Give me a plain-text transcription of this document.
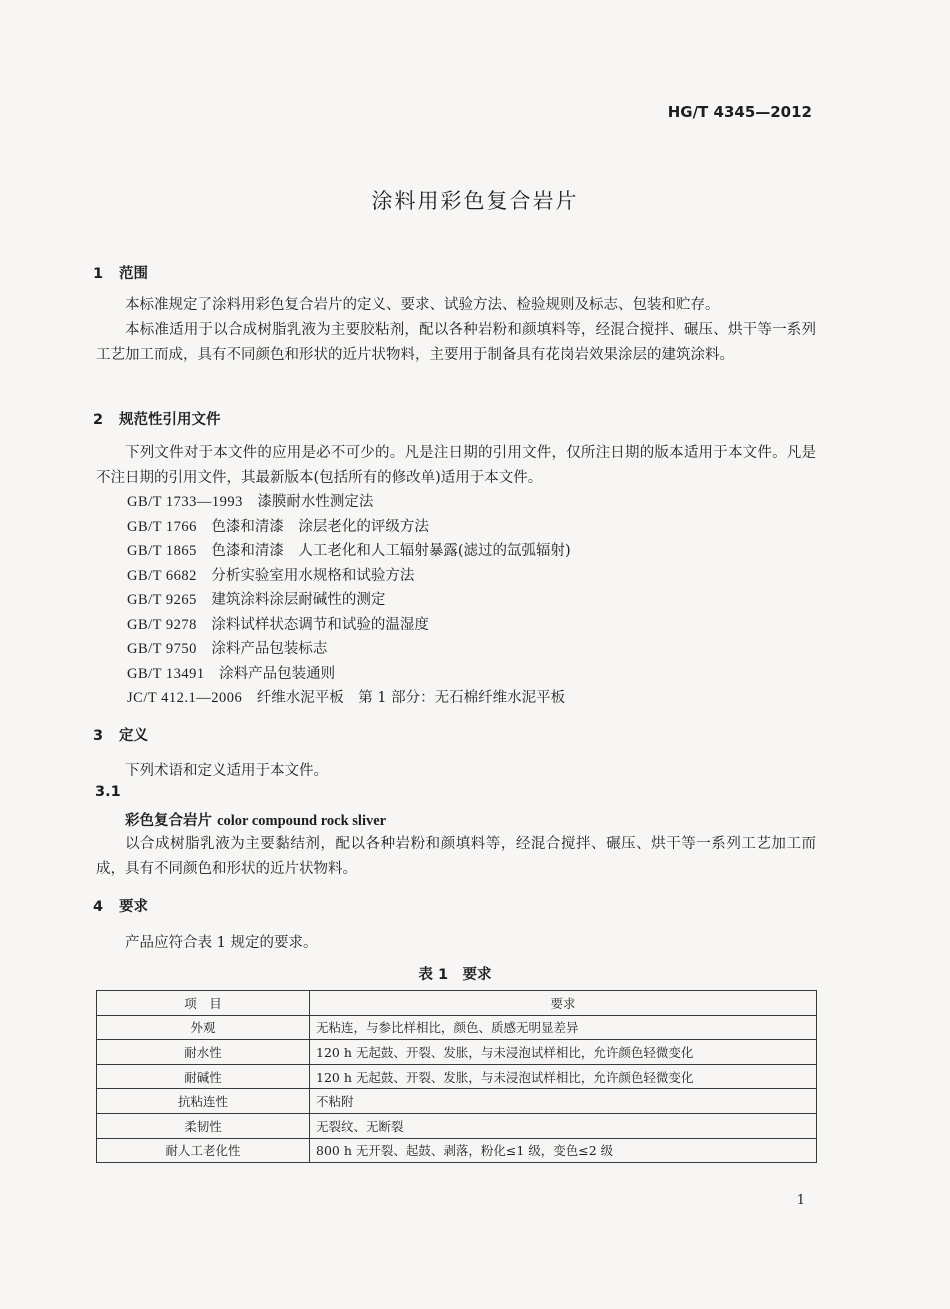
HG/T 4345—2012
涂料用彩色复合岩片
1 范围
本标准规定了涂料用彩色复合岩片的定义、要求、试验方法、检验规则及标志、包装和贮存。
本标准适用于以合成树脂乳液为主要胶粘剂，配以各种岩粉和颜填料等，经混合搅拌、碾压、烘干等一系列工艺加工而成，具有不同颜色和形状的近片状物料，主要用于制备具有花岗岩效果涂层的建筑涂料。
2 规范性引用文件
下列文件对于本文件的应用是必不可少的。凡是注日期的引用文件，仅所注日期的版本适用于本文件。凡是不注日期的引用文件，其最新版本(包括所有的修改单)适用于本文件。
GB/T 1733—1993　 漆膜耐水性测定法
GB/T 1766　 色漆和清漆　涂层老化的评级方法
GB/T 1865　 色漆和清漆　人工老化和人工辐射暴露(滤过的氙弧辐射)
GB/T 6682　 分析实验室用水规格和试验方法
GB/T 9265　 建筑涂料涂层耐碱性的测定
GB/T 9278　 涂料试样状态调节和试验的温湿度
GB/T 9750　 涂料产品包装标志
GB/T 13491　 涂料产品包装通则
JC/T 412.1—2006　 纤维水泥平板　第 1 部分：无石棉纤维水泥平板
3 定义
下列术语和定义适用于本文件。
3.1
彩色复合岩片 color compound rock sliver
以合成树脂乳液为主要黏结剂，配以各种岩粉和颜填料等，经混合搅拌、碾压、烘干等一系列工艺加工而成，具有不同颜色和形状的近片状物料。
4 要求
产品应符合表 1 规定的要求。
表 1　要求
项　目	要求
外观	无粘连，与参比样相比，颜色、质感无明显差异
耐水性	120 h 无起鼓、开裂、发胀，与未浸泡试样相比，允许颜色轻微变化
耐碱性	120 h 无起鼓、开裂、发胀，与未浸泡试样相比，允许颜色轻微变化
抗粘连性	不粘附
柔韧性	无裂纹、无断裂
耐人工老化性	800 h 无开裂、起鼓、剥落，粉化≤1 级，变色≤2 级
1
